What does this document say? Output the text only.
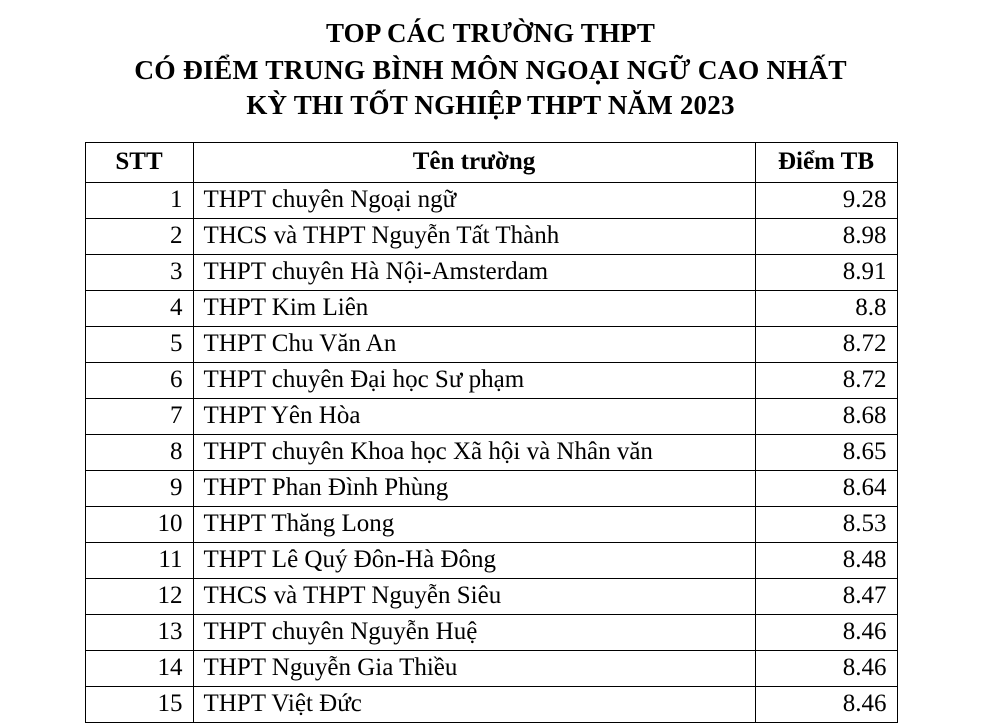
TOP CÁC TRƯỜNG THPT
CÓ ĐIỂM TRUNG BÌNH MÔN NGOẠI NGỮ CAO NHẤT
KỲ THI TỐT NGHIỆP THPT NĂM 2023
STT	Tên trường	Điểm TB
1	THPT chuyên Ngoại ngữ	9.28
2	THCS và THPT Nguyễn Tất Thành	8.98
3	THPT chuyên Hà Nội-Amsterdam	8.91
4	THPT Kim Liên	8.8
5	THPT Chu Văn An	8.72
6	THPT chuyên Đại học Sư phạm	8.72
7	THPT Yên Hòa	8.68
8	THPT chuyên Khoa học Xã hội và Nhân văn	8.65
9	THPT Phan Đình Phùng	8.64
10	THPT Thăng Long	8.53
11	THPT Lê Quý Đôn-Hà Đông	8.48
12	THCS và THPT Nguyễn Siêu	8.47
13	THPT chuyên Nguyễn Huệ	8.46
14	THPT Nguyễn Gia Thiều	8.46
15	THPT Việt Đức	8.46
